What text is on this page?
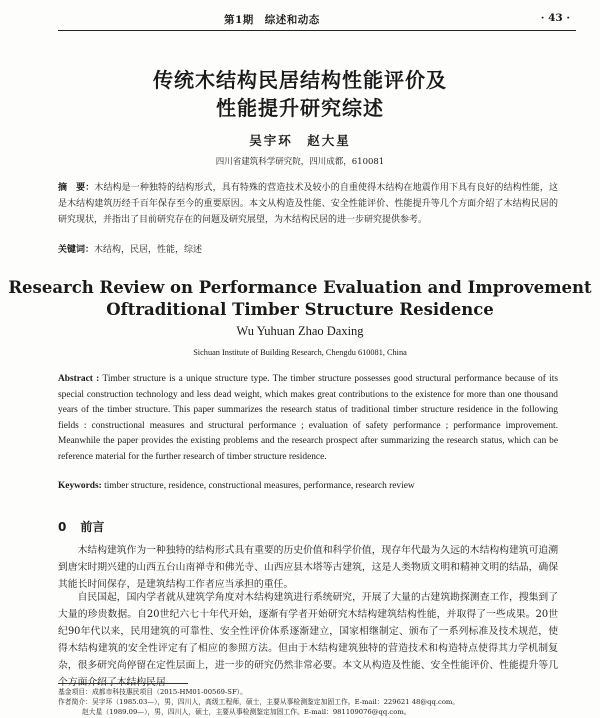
第1期　综述和动态	· 43 ·
传统木结构民居结构性能评价及
性能提升研究综述
吴宇环　赵大星
四川省建筑科学研究院，四川成都，610081
摘　要：木结构是一种独特的结构形式，具有特殊的营造技术及较小的自重使得木结构在地震作用下具有良好的结构性能，这是木结构建筑历经千百年保存至今的重要原因。本文从构造及性能、安全性能评价、性能提升等几个方面介绍了木结构民居的研究现状，并指出了目前研究存在的问题及研究展望，为木结构民居的进一步研究提供参考。
关键词：木结构，民居，性能，综述
Research Review on Performance Evaluation and Improvement
Oftraditional Timber Structure Residence
Wu Yuhuan Zhao Daxing
Sichuan Institute of Building Research, Chengdu 610081, China
Abstract : Timber structure is a unique structure type. The timber structure possesses good structural performance because of its special construction technology and less dead weight, which makes great contributions to the existence for more than one thousand years of the timber structure. This paper summarizes the research status of traditional timber structure residence in the following fields : constructional measures and structural performance ; evaluation of safety performance ; performance improvement. Meanwhile the paper provides the existing problems and the research prospect after summarizing the research status, which can be reference material for the further research of timber structure residence.
Keywords: timber structure, residence, constructional measures, performance, research review
0 前言
木结构建筑作为一种独特的结构形式具有重要的历史价值和科学价值，现存年代最为久远的木结构构建筑可追溯到唐宋时期兴建的山西五台山南禅寺和佛光寺、山西应县木塔等古建筑，这是人类物质文明和精神文明的结晶，确保其能长时间保存，是建筑结构工作者应当承担的重任。
自民国起，国内学者就从建筑学角度对木结构建筑进行系统研究，开展了大量的古建筑勘探测查工作，搜集到了大量的珍贵数据。自20世纪六七十年代开始，逐渐有学者开始研究木结构建筑结构性能，并取得了一些成果。20世纪90年代以来，民用建筑的可靠性、安全性评价体系逐渐建立，国家相继制定、颁布了一系列标准及技术规范，使得木结构建筑的安全性评定有了相应的参照方法。但由于木结构建筑独特的营造技术和构造特点使得其力学机制复杂，很多研究尚停留在定性层面上，进一步的研究仍然非常必要。本文从构造及性能、安全性能评价、性能提升等几个方面介绍了木结构民居
基金项目：成都市科技惠民项目（2015-HM01-00569-SF）。
作者简介：吴宇环（1985.03—），男，四川人，高级工程师，硕士，主要从事检测鉴定加固工作。E-mail：229621 48@qq.com。
赵大星（1989.09—），男，四川人，硕士，主要从事检测鉴定加固工作。E-mail：981109076@qq.com。
